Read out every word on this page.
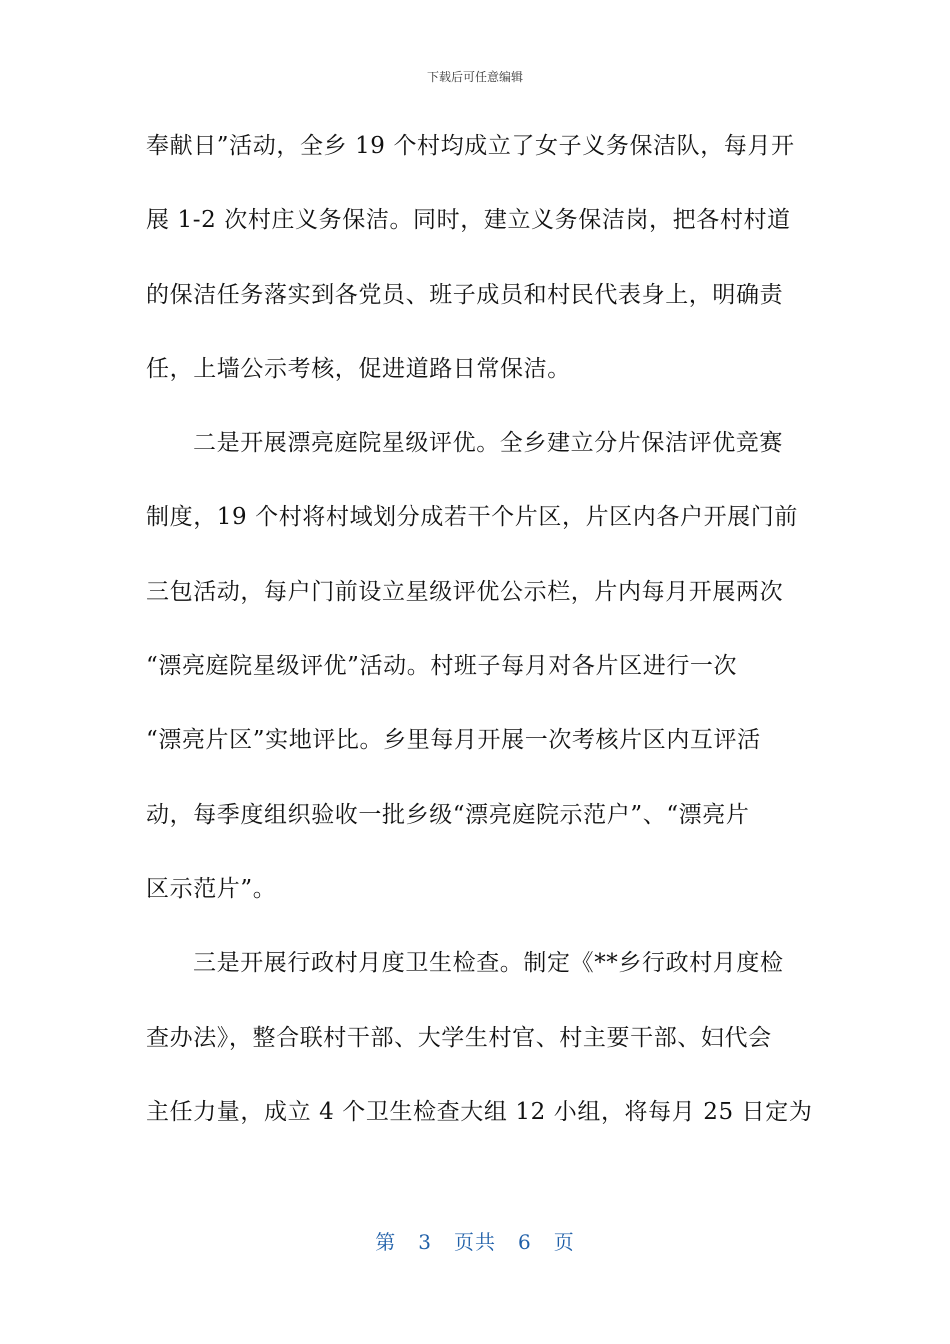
下载后可任意编辑
奉献日”活动，全乡 19 个村均成立了女子义务保洁队，每月开
展 1-2 次村庄义务保洁。同时，建立义务保洁岗，把各村村道
的保洁任务落实到各党员、班子成员和村民代表身上，明确责
任，上墙公示考核，促进道路日常保洁。
二是开展漂亮庭院星级评优。全乡建立分片保洁评优竞赛
制度，19 个村将村域划分成若干个片区，片区内各户开展门前
三包活动，每户门前设立星级评优公示栏，片内每月开展两次
“漂亮庭院星级评优”活动。村班子每月对各片区进行一次
“漂亮片区”实地评比。乡里每月开展一次考核片区内互评活
动，每季度组织验收一批乡级“漂亮庭院示范户”、“漂亮片
区示范片”。
三是开展行政村月度卫生检查。制定《**乡行政村月度检
查办法》，整合联村干部、大学生村官、村主要干部、妇代会
主任力量，成立 4 个卫生检查大组 12 小组，将每月 25 日定为
第 3 页共 6 页
